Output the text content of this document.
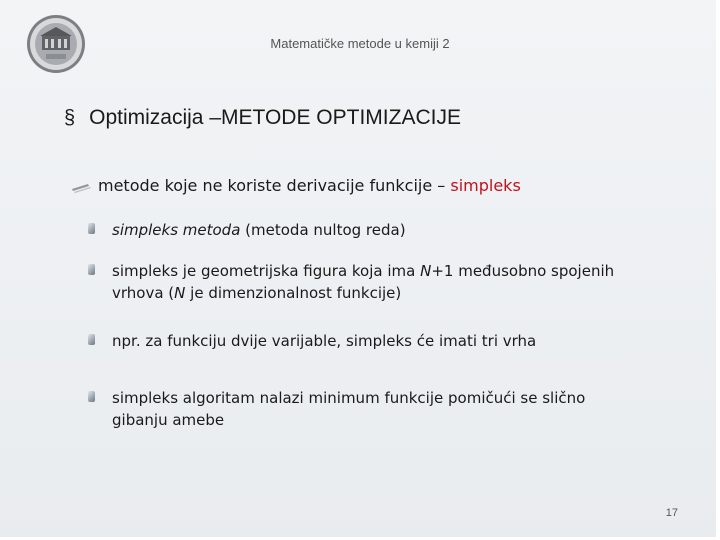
Matematičke metode u kemiji 2
§ Optimizacija –METODE OPTIMIZACIJE
metode koje ne koriste derivacije funkcije – simpleks
simpleks metoda (metoda nultog reda)
simpleks je geometrijska figura koja ima N+1 međusobno spojenih
vrhova (N je dimenzionalnost funkcije)
npr. za funkciju dvije varijable, simpleks će imati tri vrha
simpleks algoritam nalazi minimum funkcije pomičući se slično
gibanju amebe
17
